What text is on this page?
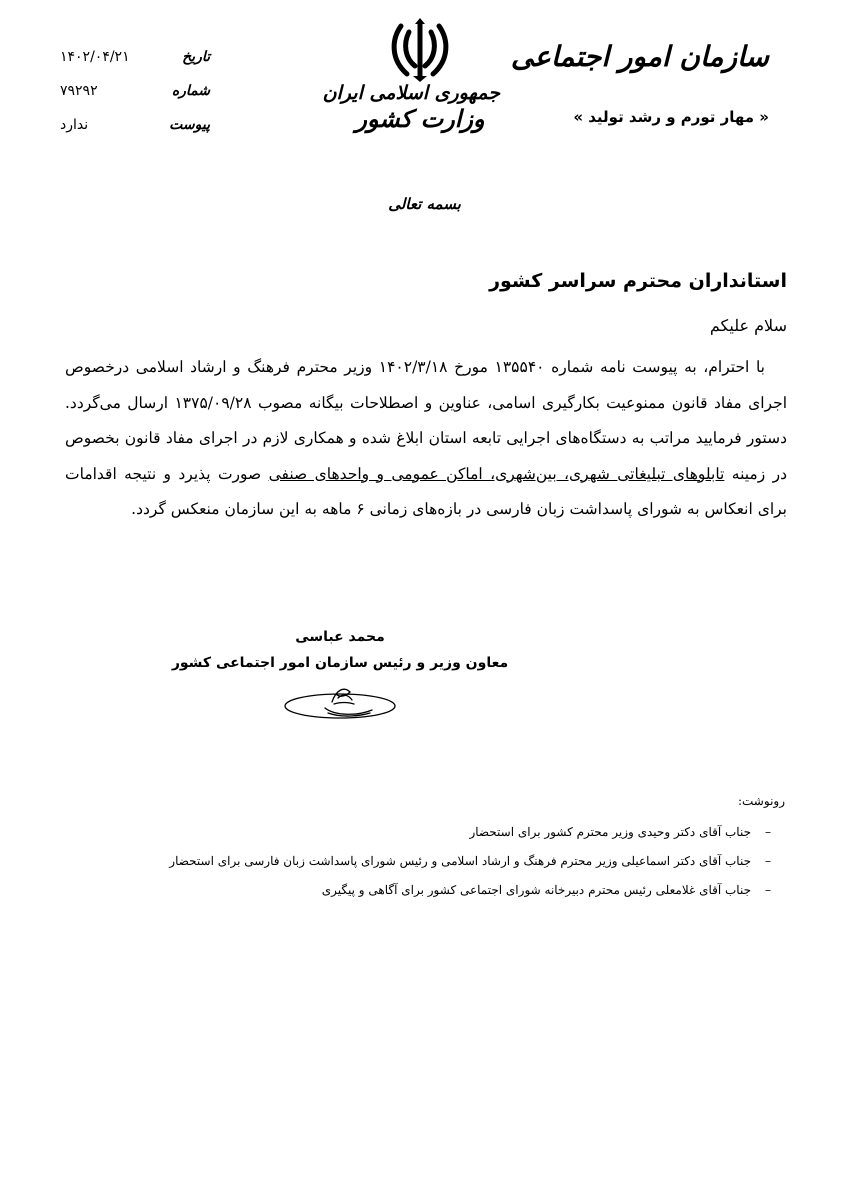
سازمان امور اجتماعی
« مهار تورم و رشد تولید »
جمهوری اسلامی ایران
وزارت کشور
تاریخ
۱۴۰۲/۰۴/۲۱
شماره
۷۹۲۹۲
پیوست
ندارد
بسمه تعالی
استانداران محترم سراسر کشور
سلام علیکم
با احترام، به پیوست نامه شماره ۱۳۵۵۴۰ مورخ ۱۴۰۲/۳/۱۸ وزیر محترم فرهنگ و ارشاد اسلامی درخصوص
اجرای مفاد قانون ممنوعیت بکارگیری اسامی، عناوین و اصطلاحات بیگانه مصوب ۱۳۷۵/۰۹/۲۸ ارسال می‌گردد.
دستور فرمایید مراتب به دستگاه‌های اجرایی تابعه استان ابلاغ شده و همکاری لازم در اجرای مفاد قانون بخصوص
در زمینه تابلوهای تبلیغاتی شهری، بین‌شهری، اماکن عمومی و واحدهای صنفی صورت پذیرد و نتیجه اقدامات
برای انعکاس به شورای پاسداشت زبان فارسی در بازه‌های زمانی ۶ ماهه به این سازمان منعکس گردد.
محمد عباسی
معاون وزیر و رئیس سازمان امور اجتماعی کشور
رونوشت:
–
جناب آقای دکتر وحیدی وزیر محترم کشور برای استحضار
–
جناب آقای دکتر اسماعیلی وزیر محترم فرهنگ و ارشاد اسلامی و رئیس شورای پاسداشت زبان فارسی برای استحضار
–
جناب آقای غلامعلی رئیس محترم دبیرخانه شورای اجتماعی کشور برای آگاهی و پیگیری
